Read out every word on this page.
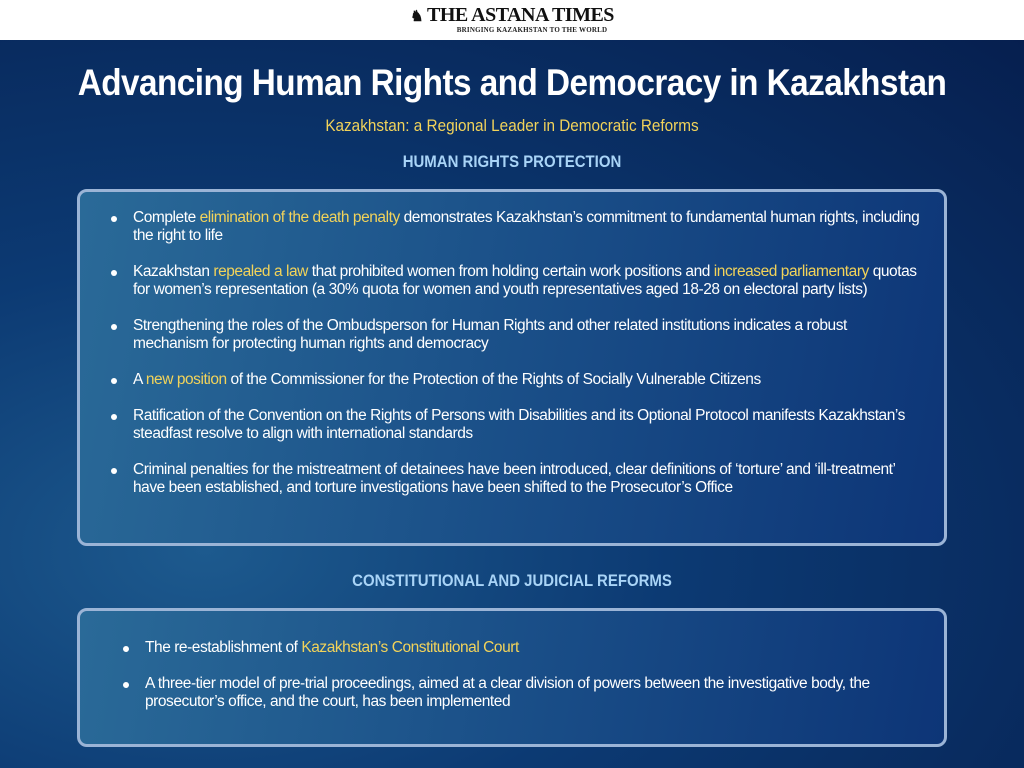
♞ THE ASTANA TIMES
BRINGING KAZAKHSTAN TO THE WORLD
Advancing Human Rights and Democracy in Kazakhstan
Kazakhstan: a Regional Leader in Democratic Reforms
HUMAN RIGHTS PROTECTION
Complete elimination of the death penalty demonstrates Kazakhstan’s commitment to fundamental human rights, including the right to life
Kazakhstan repealed a law that prohibited women from holding certain work positions and increased parliamentary quotas for women’s representation (a 30% quota for women and youth representatives aged 18-28 on electoral party lists)
Strengthening the roles of the Ombudsperson for Human Rights and other related institutions indicates a robust mechanism for protecting human rights and democracy
A new position of the Commissioner for the Protection of the Rights of Socially Vulnerable Citizens
Ratification of the Convention on the Rights of Persons with Disabilities and its Optional Protocol manifests Kazakhstan’s steadfast resolve to align with international standards
Criminal penalties for the mistreatment of detainees have been introduced, clear definitions of ‘torture’ and ‘ill-treatment’ have been established, and torture investigations have been shifted to the Prosecutor’s Office
CONSTITUTIONAL AND JUDICIAL REFORMS
The re-establishment of Kazakhstan’s Constitutional Court
A three-tier model of pre-trial proceedings, aimed at a clear division of powers between the investigative body, the prosecutor’s office, and the court, has been implemented
